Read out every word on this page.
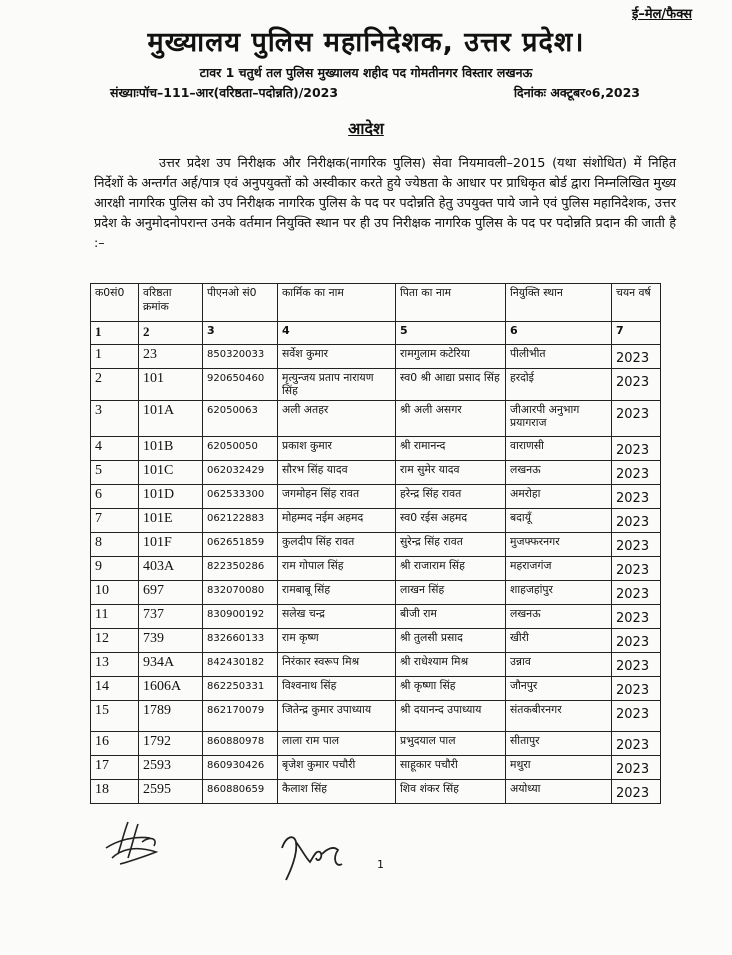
ई–मेल/फैक्स
मुख्यालय पुलिस महानिदेशक, उत्तर प्रदेश।
टावर 1 चतुर्थ तल पुलिस मुख्यालय शहीद पद गोमतीनगर विस्तार लखनऊ
संख्याःपॉच–111–आर(वरिष्ठता–पदोन्नति)/2023	दिनांकः अक्टूबर०6,2023
आदेश
उत्तर प्रदेश उप निरीक्षक और निरीक्षक(नागरिक पुलिस) सेवा नियमावली–2015 (यथा संशोधित) में निहित निर्देशों के अन्तर्गत अर्ह/पात्र एवं अनुपयुक्तों को अस्वीकार करते हुये ज्येष्ठता के आधार पर प्राधिकृत बोर्ड द्वारा निम्नलिखित मुख्य आरक्षी नागरिक पुलिस को उप निरीक्षक नागरिक पुलिस के पद पर पदोन्नति हेतु उपयुक्त पाये जाने एवं पुलिस महानिदेशक, उत्तर प्रदेश के अनुमोदनोपरान्त उनके वर्तमान नियुक्ति स्थान पर ही उप निरीक्षक नागरिक पुलिस के पद पर पदोन्नति प्रदान की जाती है :–
क0सं0	वरिष्ठता क्रमांक	पीएनओ सं0	कार्मिक का नाम	पिता का नाम	नियुक्ति स्थान	चयन वर्ष
1	2	3	4	5	6	7
1	23	850320033	सर्वेश कुमार	रामगुलाम कटेरिया	पीलीभीत	2023
2	101	920650460	मृत्युन्जय प्रताप नारायण सिंह	स्व0 श्री आद्या प्रसाद सिंह	हरदोई	2023
3	101A	62050063	अली अतहर	श्री अली असगर	जीआरपी अनुभाग प्रयागराज	2023
4	101B	62050050	प्रकाश कुमार	श्री रामानन्द	वाराणसी	2023
5	101C	062032429	सौरभ सिंह यादव	राम सुमेर यादव	लखनऊ	2023
6	101D	062533300	जगमोहन सिंह रावत	हरेन्द्र सिंह रावत	अमरोहा	2023
7	101E	062122883	मोहम्मद नईम अहमद	स्व0 रईस अहमद	बदायूँ	2023
8	101F	062651859	कुलदीप सिंह रावत	सुरेन्द्र सिंह रावत	मुजफ्फरनगर	2023
9	403A	822350286	राम गोपाल सिंह	श्री राजाराम सिंह	महराजगंज	2023
10	697	832070080	रामबाबू सिंह	लाखन सिंह	शाहजहांपुर	2023
11	737	830900192	सलेख चन्द्र	बीजी राम	लखनऊ	2023
12	739	832660133	राम कृष्ण	श्री तुलसी प्रसाद	खीरी	2023
13	934A	842430182	निरंकार स्वरूप मिश्र	श्री राधेश्याम मिश्र	उन्नाव	2023
14	1606A	862250331	विश्वनाथ सिंह	श्री कृष्णा सिंह	जौनपुर	2023
15	1789	862170079	जितेन्द्र कुमार उपाध्याय	श्री दयानन्द उपाध्याय	संतकबीरनगर	2023
16	1792	860880978	लाला राम पाल	प्रभुदयाल पाल	सीतापुर	2023
17	2593	860930426	बृजेश कुमार पचौरी	साहूकार पचौरी	मथुरा	2023
18	2595	860880659	कैलाश सिंह	शिव शंकर सिंह	अयोध्या	2023
1
